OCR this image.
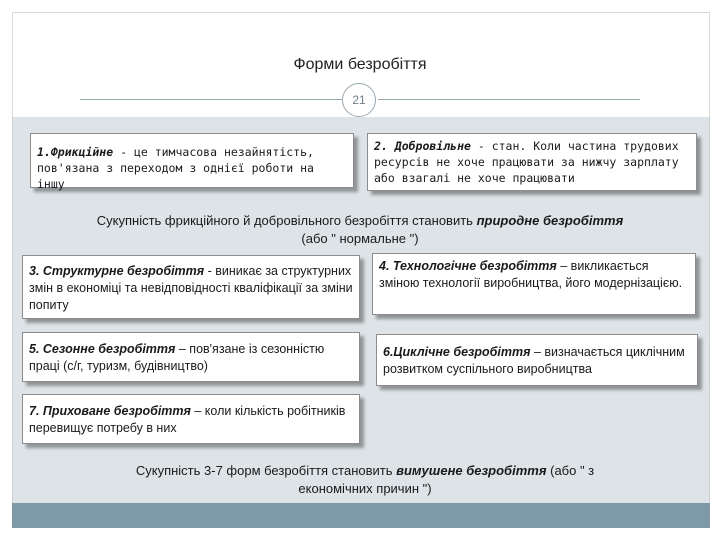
Форми безробіття
21
1.Фрикційне - це тимчасова незайнятість, пов'язана з переходом з однієї роботи на іншу
2. Добровільне - стан. Коли частина трудових ресурсів не хоче працювати за нижчу зарплату або взагалі не хоче працювати
Сукупність фрикційного й добровільного безробіття становить природне безробіття (або " нормальне ")
3. Структурне безробіття - виникає за структурних змін в економіці та невідповідності кваліфікації за зміни попиту
4. Технологічне безробіття – викликається зміною технології виробництва, його модернізацією.
5. Сезонне безробіття – пов'язане із сезонністю праці (с/г, туризм, будівництво)
6.Циклічне безробіття – визначається циклічним розвитком суспільного виробництва
7. Приховане безробіття – коли кількість робітників перевищує потребу в них
Сукупність 3-7 форм безробіття становить вимушене безробіття (або " з економічних причин ")
